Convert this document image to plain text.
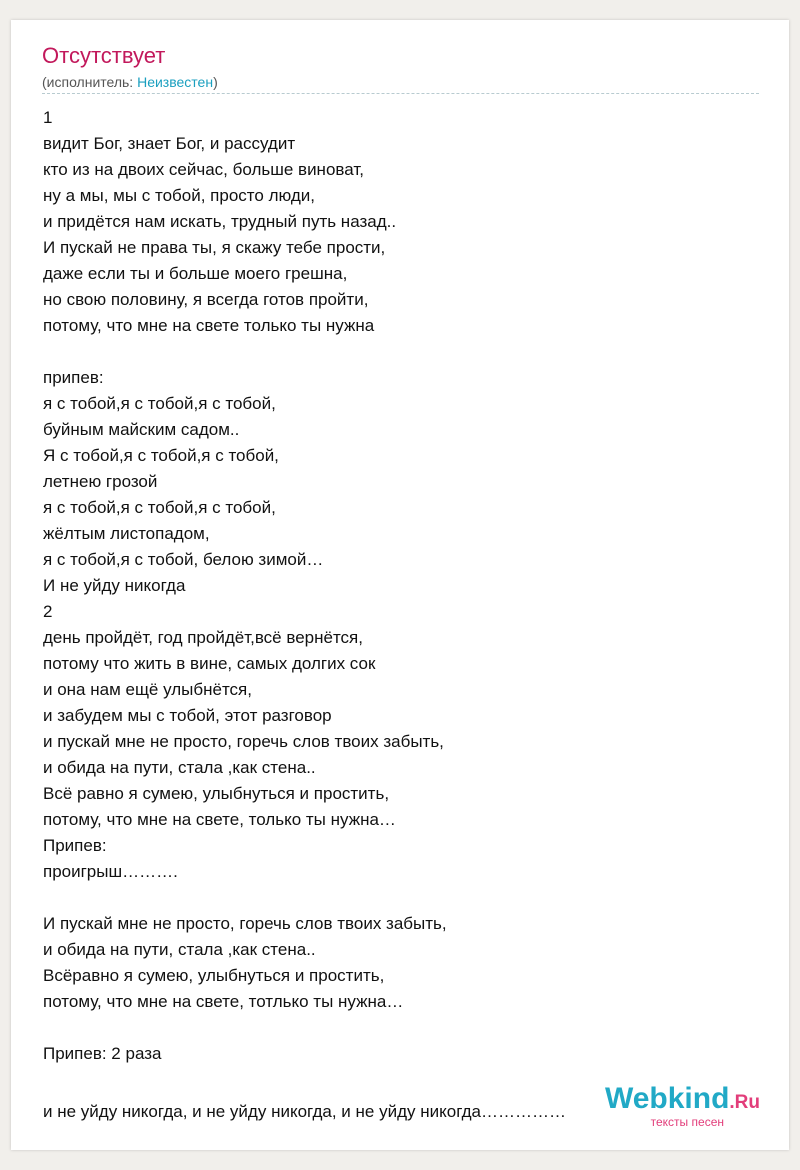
Отсутствует
(исполнитель: Неизвестен)
1
видит Бог, знает Бог, и рассудит
кто из на двоих сейчас, больше виноват,
ну а мы, мы с тобой, просто люди,
и придётся нам искать, трудный путь назад..
И пускай не права ты, я скажу тебе прости,
даже если ты и больше моего грешна,
но свою половину, я всегда готов пройти,
потому, что мне на свете только ты нужна
припев:
я с тобой,я с тобой,я с тобой,
буйным майским садом..
Я с тобой,я с тобой,я с тобой,
летнею грозой
я с тобой,я с тобой,я с тобой,
жёлтым листопадом,
я с тобой,я с тобой, белою зимой…
И не уйду никогда
2
день пройдёт, год пройдёт,всё вернётся,
потому что жить в вине, самых долгих сок
и она нам ещё улыбнётся,
и забудем мы с тобой, этот разговор
и пускай мне не просто, горечь слов твоих забыть,
и обида на пути, стала ,как стена..
Всё равно я сумею, улыбнуться и простить,
потому, что мне на свете, только ты нужна…
Припев:
проигрыш……….
И пускай мне не просто, горечь слов твоих забыть,
и обида на пути, стала ,как стена..
Всёравно я сумею, улыбнуться и простить,
потому, что мне на свете, тотлько ты нужна…
Припев: 2 раза
и не уйду никогда, и не уйду никогда, и не уйду никогда……………	Webkind.Ru
тексты песен
